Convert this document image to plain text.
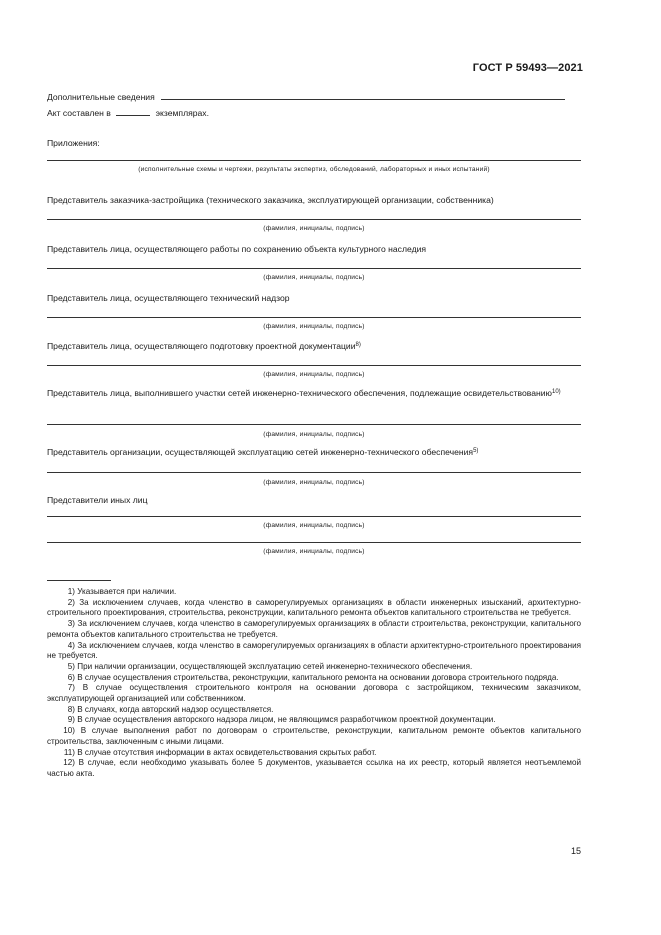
ГОСТ Р 59493—2021
Дополнительные сведения
Акт составлен в	экземплярах.
Приложения:
(исполнительные схемы и чертежи, результаты экспертиз, обследований, лабораторных и иных испытаний)
Представитель заказчика-застройщика (технического заказчика, эксплуатирующей организации, собственника)
(фамилия, инициалы, подпись)
Представитель лица, осуществляющего работы по сохранению объекта культурного наследия
(фамилия, инициалы, подпись)
Представитель лица, осуществляющего технический надзор
(фамилия, инициалы, подпись)
Представитель лица, осуществляющего подготовку проектной документации$^{8)}$
(фамилия, инициалы, подпись)
Представитель лица, выполнившего участки сетей инженерно-технического обеспечения, подлежащие освидетельствованию$^{10)}$
(фамилия, инициалы, подпись)
Представитель организации, осуществляющей эксплуатацию сетей инженерно-технического обеспечения$^{5)}$
(фамилия, инициалы, подпись)
Представители иных лиц
(фамилия, инициалы, подпись)
(фамилия, инициалы, подпись)
1) Указывается при наличии.
2) За исключением случаев, когда членство в саморегулируемых организациях в области инженерных изысканий, архитектурно-строительного проектирования, строительства, реконструкции, капитального ремонта объектов капитального строительства не требуется.
3) За исключением случаев, когда членство в саморегулируемых организациях в области строительства, реконструкции, капитального ремонта объектов капитального строительства не требуется.
4) За исключением случаев, когда членство в саморегулируемых организациях в области архитектурно-строительного проектирования не требуется.
5) При наличии организации, осуществляющей эксплуатацию сетей инженерно-технического обеспечения.
6) В случае осуществления строительства, реконструкции, капитального ремонта на основании договора строительного подряда.
7) В случае осуществления строительного контроля на основании договора с застройщиком, техническим заказчиком, эксплуатирующей организацией или собственником.
8) В случаях, когда авторский надзор осуществляется.
9) В случае осуществления авторского надзора лицом, не являющимся разработчиком проектной документации.
10) В случае выполнения работ по договорам о строительстве, реконструкции, капитальном ремонте объектов капитального строительства, заключенным с иными лицами.
11) В случае отсутствия информации в актах освидетельствования скрытых работ.
12) В случае, если необходимо указывать более 5 документов, указывается ссылка на их реестр, который является неотъемлемой частью акта.
15
